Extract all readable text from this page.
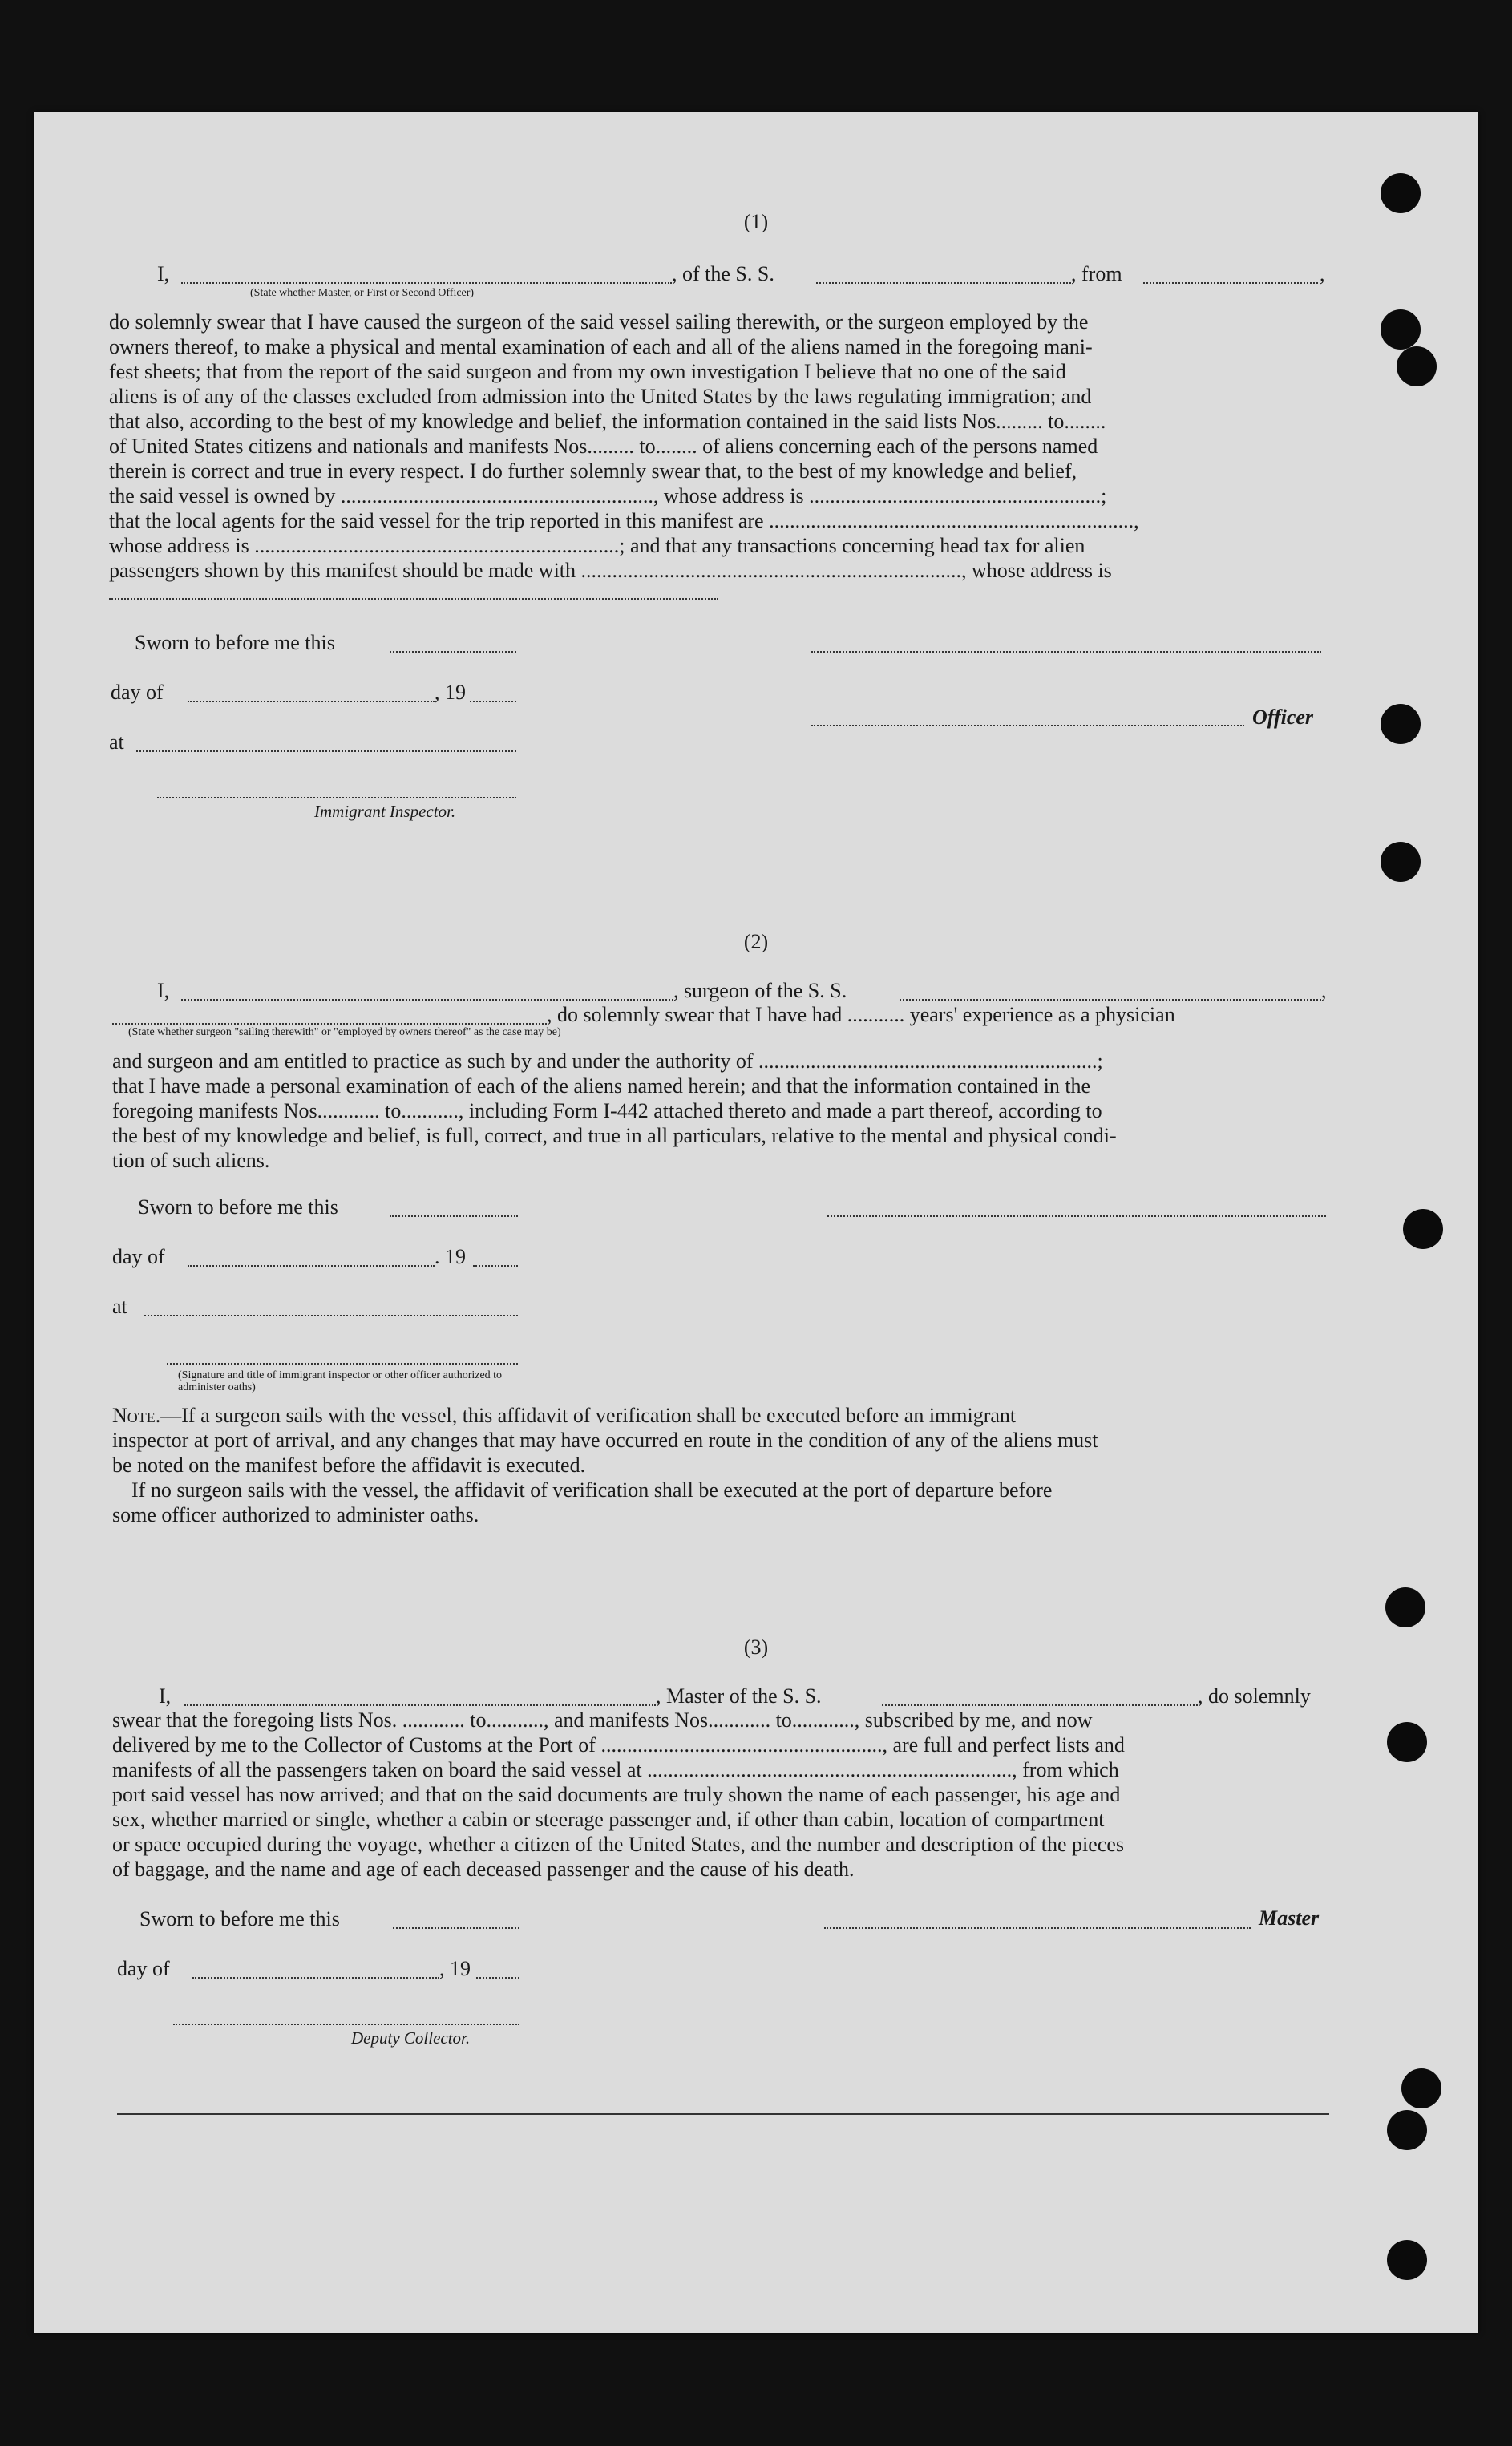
(1)
I,	, of the S. S.	, from	,
(State whether Master, or First or Second Officer)
do solemnly swear that I have caused the surgeon of the said vessel sailing therewith, or the surgeon employed by the
owners thereof, to make a physical and mental examination of each and all of the aliens named in the foregoing mani-
fest sheets; that from the report of the said surgeon and from my own investigation I believe that no one of the said
aliens is of any of the classes excluded from admission into the United States by the laws regulating immigration; and
that also, according to the best of my knowledge and belief, the information contained in the said lists Nos......... to........
of United States citizens and nationals and manifests Nos......... to........ of aliens concerning each of the persons named
therein is correct and true in every respect. I do further solemnly swear that, to the best of my knowledge and belief,
the said vessel is owned by ............................................................, whose address is ........................................................;
that the local agents for the said vessel for the trip reported in this manifest are ......................................................................,
whose address is ......................................................................; and that any transactions concerning head tax for alien
passengers shown by this manifest should be made with ........................................................................., whose address is
Sworn to before me this
day of	, 19
Officer
at
Immigrant Inspector.
(2)
I,	, surgeon of the S. S.	,
, do solemnly swear that I have had ........... years' experience as a physician
(State whether surgeon "sailing therewith" or "employed by owners thereof" as the case may be)
and surgeon and am entitled to practice as such by and under the authority of .................................................................;
that I have made a personal examination of each of the aliens named herein; and that the information contained in the
foregoing manifests Nos............ to..........., including Form I-442 attached thereto and made a part thereof, according to
the best of my knowledge and belief, is full, correct, and true in all particulars, relative to the mental and physical condi-
tion of such aliens.
Sworn to before me this
day of	. 19
at
(Signature and title of immigrant inspector or other officer authorized to administer oaths)
Note.—If a surgeon sails with the vessel, this affidavit of verification shall be executed before an immigrant
inspector at port of arrival, and any changes that may have occurred en route in the condition of any of the aliens must
be noted on the manifest before the affidavit is executed.
If no surgeon sails with the vessel, the affidavit of verification shall be executed at the port of departure before
some officer authorized to administer oaths.
(3)
I,	, Master of the S. S.	, do solemnly
swear that the foregoing lists Nos. ............ to..........., and manifests Nos............ to............, subscribed by me, and now
delivered by me to the Collector of Customs at the Port of ......................................................, are full and perfect lists and
manifests of all the passengers taken on board the said vessel at ......................................................................, from which
port said vessel has now arrived; and that on the said documents are truly shown the name of each passenger, his age and
sex, whether married or single, whether a cabin or steerage passenger and, if other than cabin, location of compartment
or space occupied during the voyage, whether a citizen of the United States, and the number and description of the pieces
of baggage, and the name and age of each deceased passenger and the cause of his death.
Sworn to before me this	Master
day of	, 19
Deputy Collector.
